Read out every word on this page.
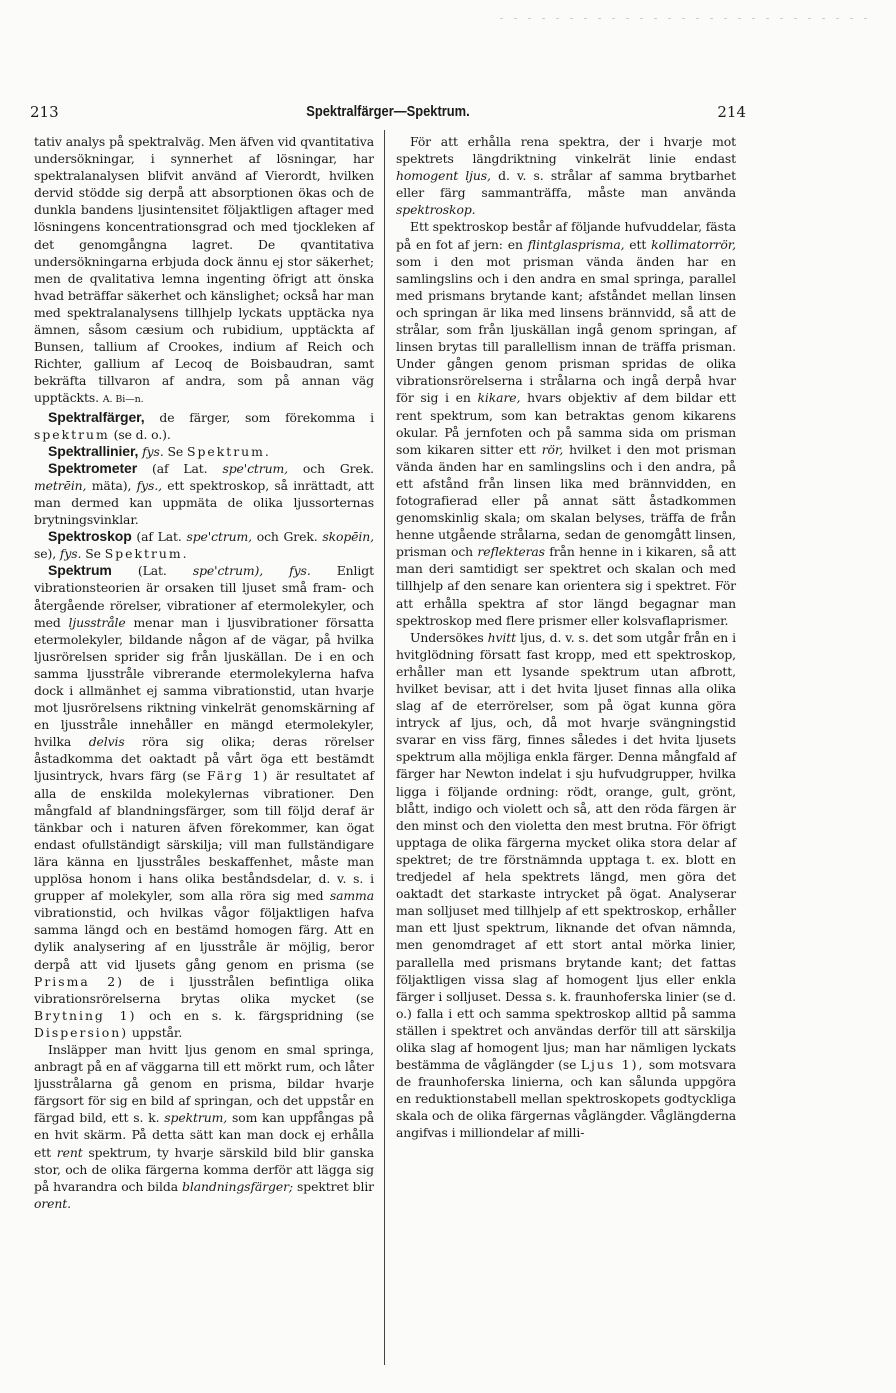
213	Spektralfärger—Spektrum.	214

tativ analys på spektralväg. Men äfven vid qvantitativa undersökningar, i synnerhet af lösningar, har spektralanalysen blifvit använd af Vierordt, hvilken dervid stödde sig derpå att absorptionen ökas och de dunkla bandens ljusintensitet följaktligen aftager med lösningens koncentrationsgrad och med tjockleken af det genomgångna lagret. De qvantitativa undersökningarna erbjuda dock ännu ej stor säkerhet; men de qvalitativa lemna ingenting öfrigt att önska hvad beträffar säkerhet och känslighet; också har man med spektralanalysens tillhjelp lyckats upptäcka nya ämnen, såsom cæsium och rubidium, upptäckta af Bunsen, tallium af Crookes, indium af Reich och Richter, gallium af Lecoq de Boisbaudran, samt bekräfta tillvaron af andra, som på annan väg upptäckts. A. Bi—n.

Spektralfärger, de färger, som förekomma i spektrum (se d. o.).

Spektrallinier, fys. Se Spektrum.

Spektrometer (af Lat. spe'ctrum, och Grek. metrēin, mäta), fys., ett spektroskop, så inrättadt, att man dermed kan uppmäta de olika ljussorternas brytningsvinklar.

Spektroskop (af Lat. spe'ctrum, och Grek. skopēin, se), fys. Se Spektrum.

Spektrum (Lat. spe'ctrum), fys. Enligt vibrationsteorien är orsaken till ljuset små fram- och återgående rörelser, vibrationer af etermolekyler, och med ljusstråle menar man i ljusvibrationer försatta etermolekyler, bildande någon af de vägar, på hvilka ljusrörelsen sprider sig från ljuskällan. De i en och samma ljusstråle vibrerande etermolekylerna hafva dock i allmänhet ej samma vibrationstid, utan hvarje mot ljusrörelsens riktning vinkelrät genomskärning af en ljusstråle innehåller en mängd etermolekyler, hvilka delvis röra sig olika; deras rörelser åstadkomma det oaktadt på vårt öga ett bestämdt ljusintryck, hvars färg (se Färg 1) är resultatet af alla de enskilda molekylernas vibrationer. Den mångfald af blandningsfärger, som till följd deraf är tänkbar och i naturen äfven förekommer, kan ögat endast ofullständigt särskilja; vill man fullständigare lära känna en ljusstråles beskaffenhet, måste man upplösa honom i hans olika beståndsdelar, d. v. s. i grupper af molekyler, som alla röra sig med samma vibrationstid, och hvilkas vågor följaktligen hafva samma längd och en bestämd homogen färg. Att en dylik analysering af en ljusstråle är möjlig, beror derpå att vid ljusets gång genom en prisma (se Prisma 2) de i ljusstrålen befintliga olika vibrationsrörelserna brytas olika mycket (se Brytning 1) och en s. k. färgspridning (se Dispersion) uppstår.

Insläpper man hvitt ljus genom en smal springa, anbragt på en af väggarna till ett mörkt rum, och låter ljusstrålarna gå genom en prisma, bildar hvarje färgsort för sig en bild af springan, och det uppstår en färgad bild, ett s. k. spektrum, som kan uppfångas på en hvit skärm. På detta sätt kan man dock ej erhålla ett rent spektrum, ty hvarje särskild bild blir ganska stor, och de olika färgerna komma derför att lägga sig på hvarandra och bilda blandningsfärger; spektret blir orent.

För att erhålla rena spektra, der i hvarje mot spektrets längdriktning vinkelrät linie endast homogent ljus, d. v. s. strålar af samma brytbarhet eller färg sammanträffa, måste man använda spektroskop.

Ett spektroskop består af följande hufvuddelar, fästa på en fot af jern: en flintglasprisma, ett kollimatorrör, som i den mot prisman vända änden har en samlingslins och i den andra en smal springa, parallel med prismans brytande kant; afståndet mellan linsen och springan är lika med linsens brännvidd, så att de strålar, som från ljuskällan ingå genom springan, af linsen brytas till parallellism innan de träffa prisman. Under gången genom prisman spridas de olika vibrationsrörelserna i strålarna och ingå derpå hvar för sig i en kikare, hvars objektiv af dem bildar ett rent spektrum, som kan betraktas genom kikarens okular. På jernfoten och på samma sida om prisman som kikaren sitter ett rör, hvilket i den mot prisman vända änden har en samlingslins och i den andra, på ett afstånd från linsen lika med brännvidden, en fotografierad eller på annat sätt åstadkommen genomskinlig skala; om skalan belyses, träffa de från henne utgående strålarna, sedan de genomgått linsen, prisman och reflekteras från henne in i kikaren, så att man deri samtidigt ser spektret och skalan och med tillhjelp af den senare kan orientera sig i spektret. För att erhålla spektra af stor längd begagnar man spektroskop med flere prismer eller kolsvaflaprismer.

Undersökes hvitt ljus, d. v. s. det som utgår från en i hvitglödning försatt fast kropp, med ett spektroskop, erhåller man ett lysande spektrum utan afbrott, hvilket bevisar, att i det hvita ljuset finnas alla olika slag af de eterrörelser, som på ögat kunna göra intryck af ljus, och, då mot hvarje svängningstid svarar en viss färg, finnes således i det hvita ljusets spektrum alla möjliga enkla färger. Denna mångfald af färger har Newton indelat i sju hufvudgrupper, hvilka ligga i följande ordning: rödt, orange, gult, grönt, blått, indigo och violett och så, att den röda färgen är den minst och den violetta den mest brutna. För öfrigt upptaga de olika färgerna mycket olika stora delar af spektret; de tre förstnämnda upptaga t. ex. blott en tredjedel af hela spektrets längd, men göra det oaktadt det starkaste intrycket på ögat. Analyserar man solljuset med tillhjelp af ett spektroskop, erhåller man ett ljust spektrum, liknande det ofvan nämnda, men genomdraget af ett stort antal mörka linier, parallella med prismans brytande kant; det fattas följaktligen vissa slag af homogent ljus eller enkla färger i solljuset. Dessa s. k. fraunhoferska linier (se d. o.) falla i ett och samma spektroskop alltid på samma ställen i spektret och användas derför till att särskilja olika slag af homogent ljus; man har nämligen lyckats bestämma de våglängder (se Ljus 1), som motsvara de fraunhoferska linierna, och kan sålunda uppgöra en reduktionstabell mellan spektroskopets godtyckliga skala och de olika färgernas våglängder. Våglängderna angifvas i milliondelar af milli-
